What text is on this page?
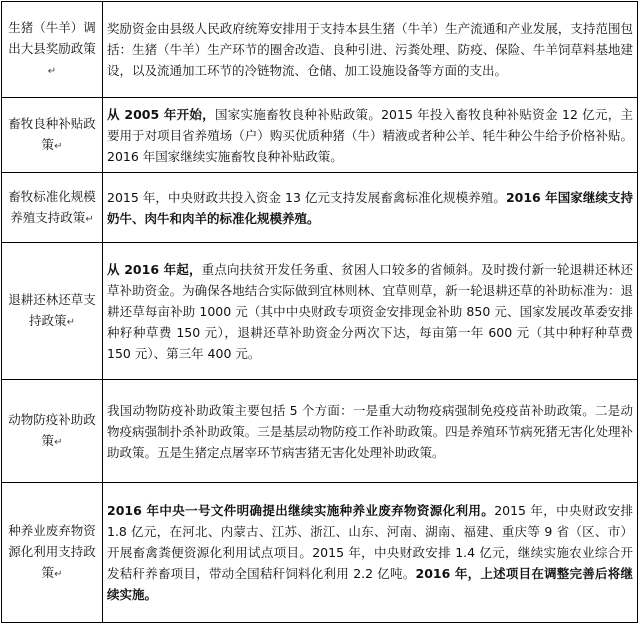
生猪（牛羊）调出大县奖励政策↵	奖励资金由县级人民政府统筹安排用于支持本县生猪（牛羊）生产流通和产业发展，支持范围包括：生猪（牛羊）生产环节的圈舍改造、良种引进、污粪处理、防疫、保险、牛羊饲草料基地建设，以及流通加工环节的冷链物流、仓储、加工设施设备等方面的支出。
畜牧良种补贴政策↵	从 2005 年开始，国家实施畜牧良种补贴政策。2015 年投入畜牧良种补贴资金 12 亿元，主要用于对项目省养殖场（户）购买优质种猪（牛）精液或者种公羊、牦牛种公牛给予价格补贴。2016 年国家继续实施畜牧良种补贴政策。
畜牧标准化规模养殖支持政策↵	2015 年，中央财政共投入资金 13 亿元支持发展畜禽标准化规模养殖。2016 年国家继续支持奶牛、肉牛和肉羊的标准化规模养殖。
退耕还林还草支持政策↵	从 2016 年起，重点向扶贫开发任务重、贫困人口较多的省倾斜。及时拨付新一轮退耕还林还草补助资金。为确保各地结合实际做到宜林则林、宜草则草，新一轮退耕还草的补助标准为：退耕还草每亩补助 1000 元（其中中央财政专项资金安排现金补助 850 元、国家发展改革委安排种籽种草费 150 元），退耕还草补助资金分两次下达，每亩第一年 600 元（其中种籽种草费 150 元）、第三年 400 元。
动物防疫补助政策↵	我国动物防疫补助政策主要包括 5 个方面：一是重大动物疫病强制免疫疫苗补助政策。二是动物疫病强制扑杀补助政策。三是基层动物防疫工作补助政策。四是养殖环节病死猪无害化处理补助政策。五是生猪定点屠宰环节病害猪无害化处理补助政策。
种养业废弃物资源化利用支持政策↵	2016 年中央一号文件明确提出继续实施种养业废弃物资源化利用。2015 年，中央财政安排 1.8 亿元，在河北、内蒙古、江苏、浙江、山东、河南、湖南、福建、重庆等 9 省（区、市）开展畜禽粪便资源化利用试点项目。2015 年，中央财政安排 1.4 亿元，继续实施农业综合开发秸秆养畜项目，带动全国秸秆饲料化利用 2.2 亿吨。2016 年，上述项目在调整完善后将继续实施。
